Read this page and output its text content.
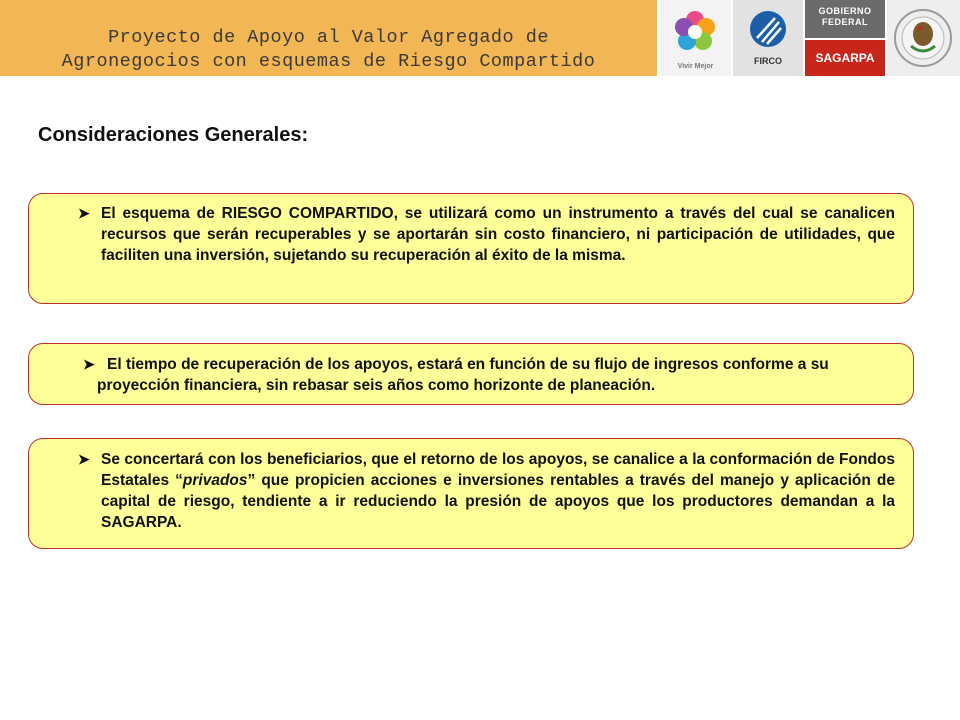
Proyecto de Apoyo al Valor Agregado de
Agronegocios con esquemas de Riesgo Compartido	Vivir Mejor
FIRCO
GOBIERNO FEDERAL
SAGARPA
Consideraciones Generales:

➤ El esquema de RIESGO COMPARTIDO, se utilizará como un instrumento a través del cual se canalicen recursos que serán recuperables y se aportarán sin costo financiero, ni participación de utilidades, que faciliten una inversión, sujetando su recuperación al éxito de la misma.

➤ El tiempo de recuperación de los apoyos, estará en función de su flujo de ingresos conforme a su proyección financiera, sin rebasar seis años como horizonte de planeación.

➤ Se concertará con los beneficiarios, que el retorno de los apoyos, se canalice a la conformación de Fondos Estatales “privados” que propicien acciones e inversiones rentables a través del manejo y aplicación de capital de riesgo, tendiente a ir reduciendo la presión de apoyos que los productores demandan a la SAGARPA.
